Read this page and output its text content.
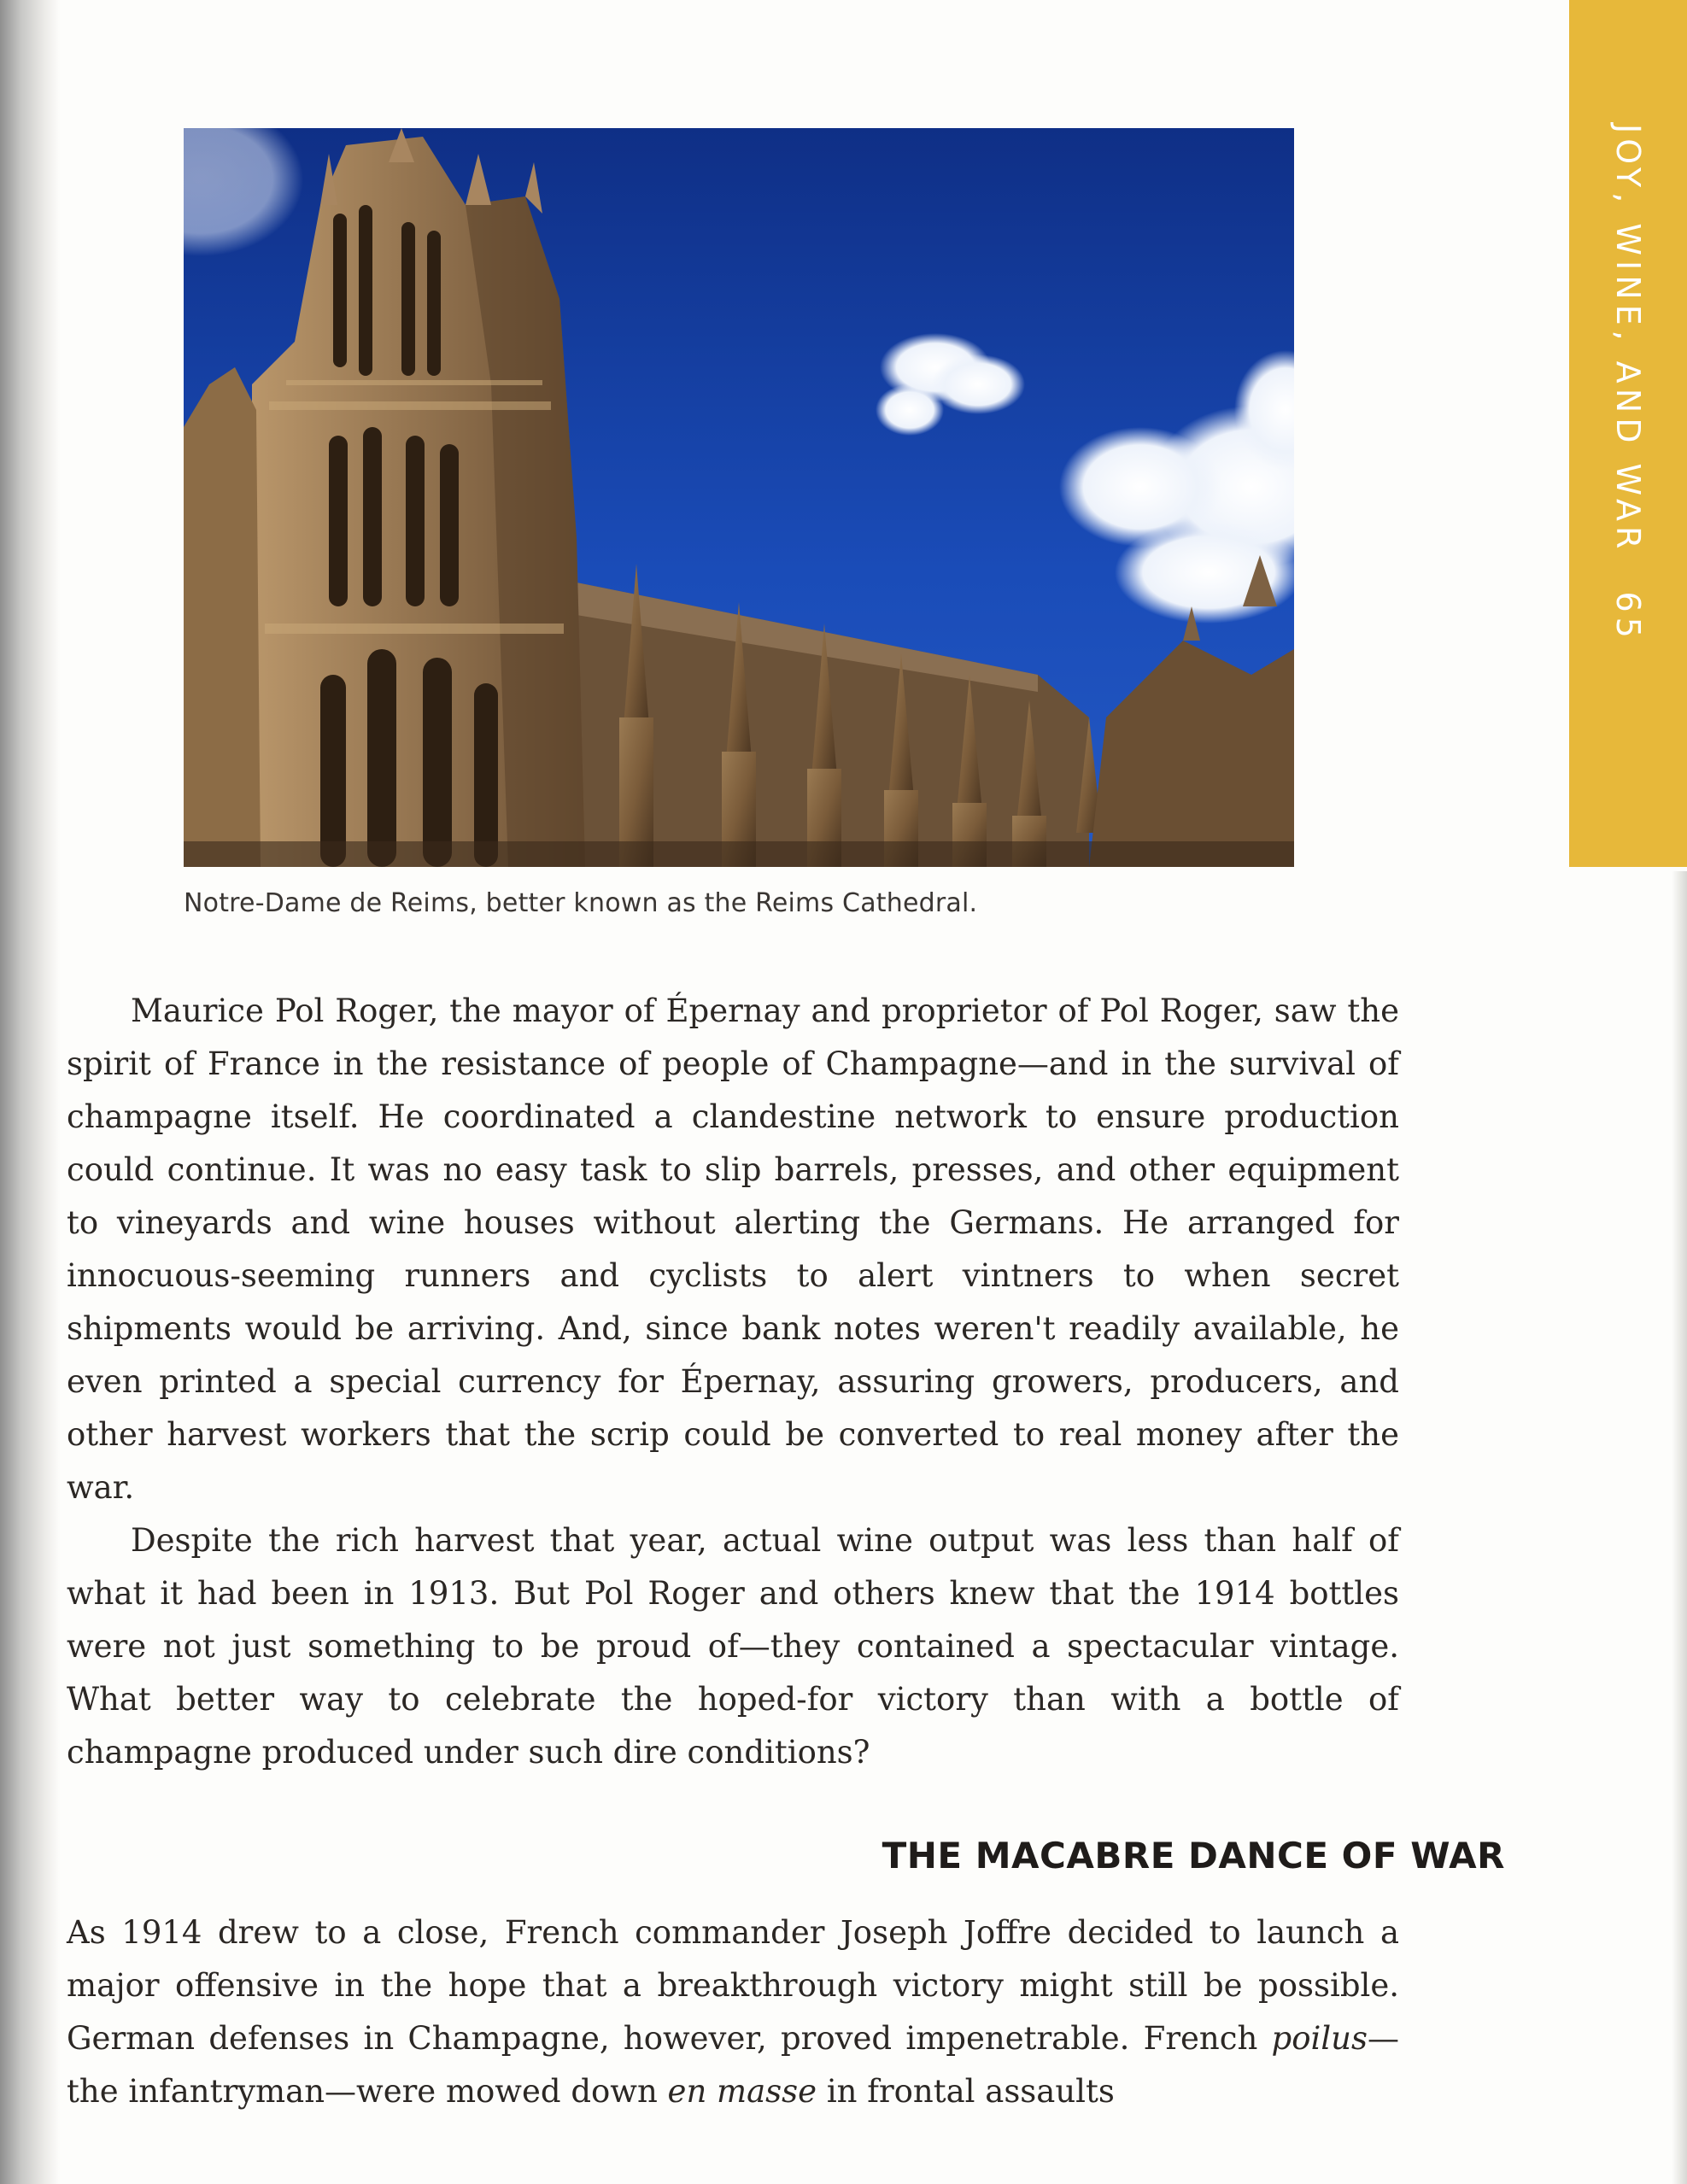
JOY, WINE, AND WAR65
Notre-Dame de Reims, better known as the Reims Cathedral.

Maurice Pol Roger, the mayor of Épernay and proprietor of Pol Roger, saw the spirit of France in the resistance of people of Champagne—and in the survival of champagne itself. He coordinated a clandestine network to ensure production could continue. It was no easy task to slip barrels, presses, and other equipment to vineyards and wine houses without alerting the Germans. He arranged for innocuous-seeming runners and cyclists to alert vintners to when secret shipments would be arriving. And, since bank notes weren't readily available, he even printed a special currency for Épernay, assuring growers, producers, and other harvest workers that the scrip could be converted to real money after the war.

Despite the rich harvest that year, actual wine output was less than half of what it had been in 1913. But Pol Roger and others knew that the 1914 bottles were not just something to be proud of—they contained a spectacular vintage. What better way to celebrate the hoped-for victory than with a bottle of champagne produced under such dire conditions?

THE MACABRE DANCE OF WAR

As 1914 drew to a close, French commander Joseph Joffre decided to launch a major offensive in the hope that a breakthrough victory might still be possible. German defenses in Champagne, however, proved impenetrable. French poilus—the infantryman—were mowed down en masse in frontal assaults
